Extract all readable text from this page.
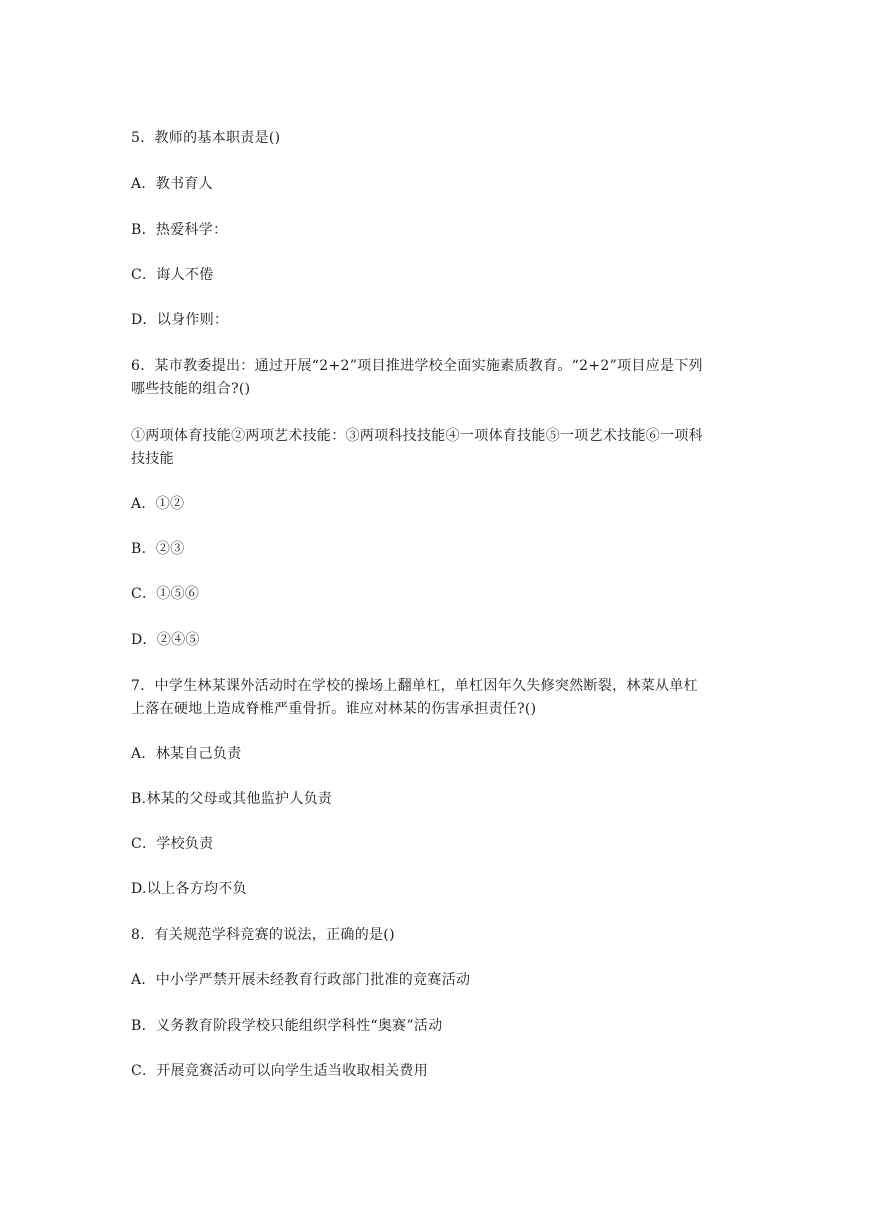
5．教师的基本职责是()
A．教书育人
B．热爱科学：
C．诲人不倦
D．以身作则：
6．某市教委提出：通过开展“2+2”项目推进学校全面实施素质教育。“2+2”项目应是下列
哪些技能的组合?()
①两项体育技能②两项艺术技能：③两项科技技能④一项体育技能⑤一项艺术技能⑥一项科
技技能
A．①②
B．②③
C．①⑤⑥
D．②④⑤
7．中学生林某课外活动时在学校的操场上翻单杠，单杠因年久失修突然断裂，林菜从单杠
上落在硬地上造成脊椎严重骨折。谁应对林某的伤害承担责任?()
A．林某自己负责
B.林某的父母或其他监护人负责
C．学校负责
D.以上各方均不负
8．有关规范学科竞赛的说法，正确的是()
A．中小学严禁开展未经教育行政部门批准的竞赛活动
B．义务教育阶段学校只能组织学科性“奥赛”活动
C．开展竞赛活动可以向学生适当收取相关费用
